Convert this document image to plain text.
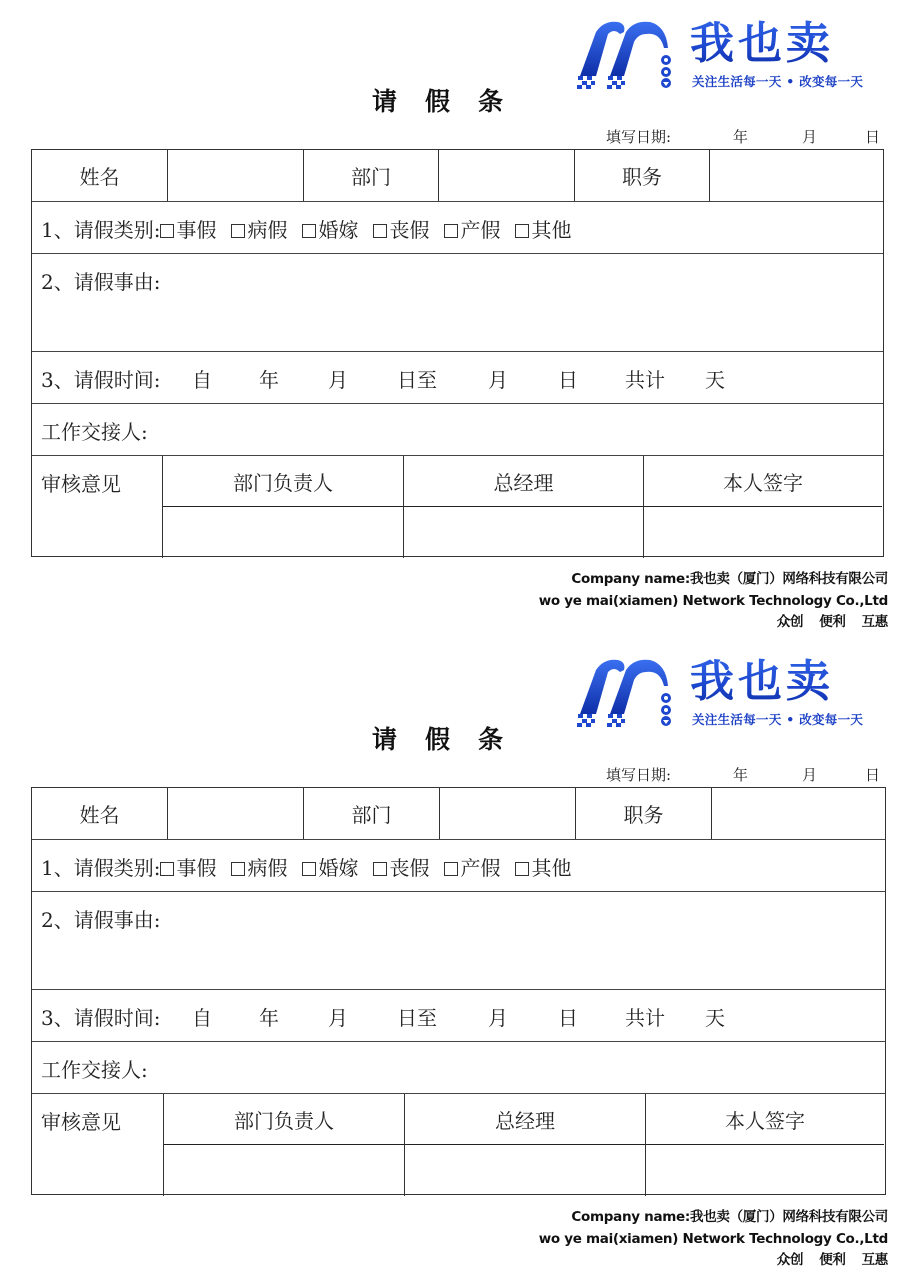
我也卖
关注生活每一天 • 改变每一天
请 假 条
填写日期:	年	月	日
姓名	部门	职务
1、请假类别: 事假 病假 婚嫁 丧假 产假 其他
2、请假事由:
3、请假时间: 自 年 月 日至	月	日 共计 天
工作交接人:
审核意见	部门负责人	总经理	本人签字
Company name:我也卖（厦门）网络科技有限公司
wo ye mai(xiamen) Network Technology Co.,Ltd
众创 便利 互惠
我也卖
关注生活每一天 • 改变每一天
请 假 条
填写日期:	年	月	日
姓名	部门	职务
1、请假类别: 事假 病假 婚嫁 丧假 产假 其他
2、请假事由:
3、请假时间: 自 年 月 日至	月	日 共计 天
工作交接人:
审核意见	部门负责人	总经理	本人签字
Company name:我也卖（厦门）网络科技有限公司
wo ye mai(xiamen) Network Technology Co.,Ltd
众创 便利 互惠
